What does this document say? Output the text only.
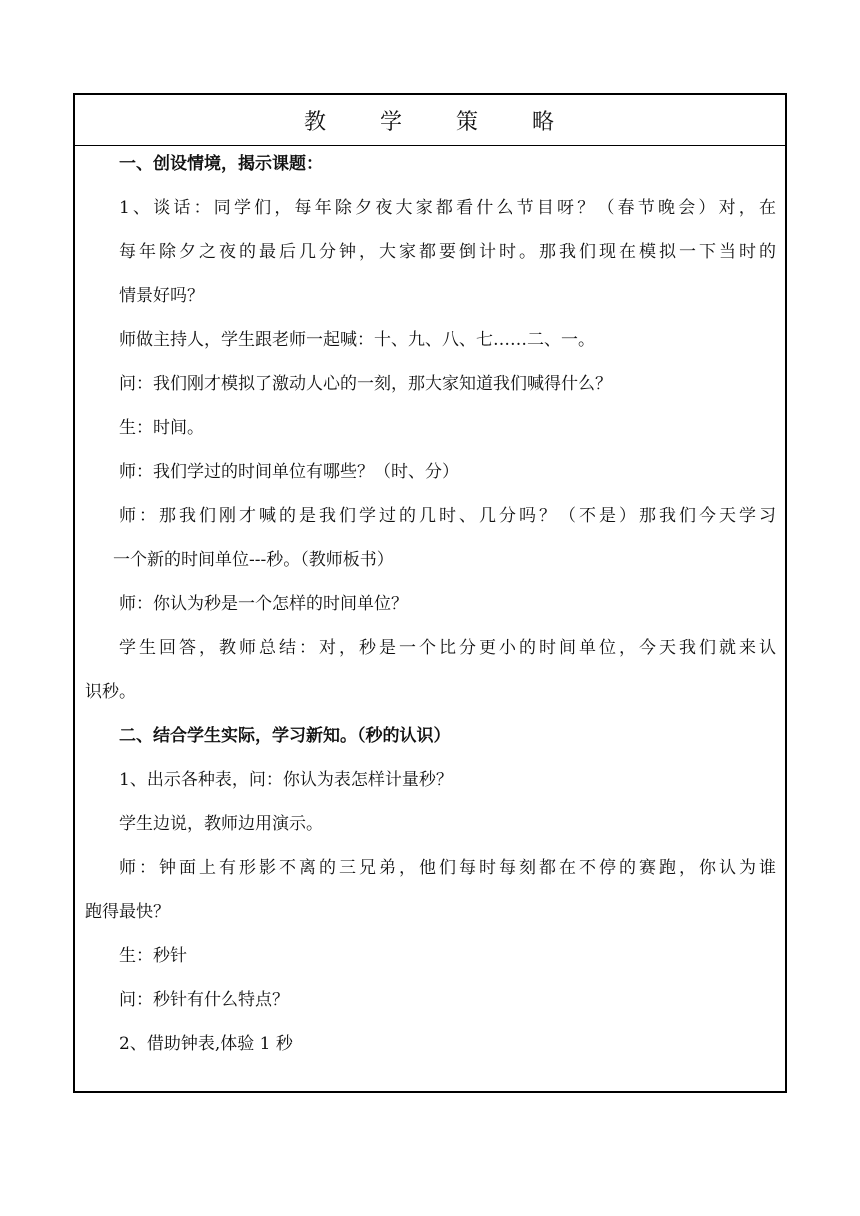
教 学 策 略
一、创设情境，揭示课题：
1、谈话：同学们，每年除夕夜大家都看什么节目呀？（春节晚会）对，在
每年除夕之夜的最后几分钟，大家都要倒计时。那我们现在模拟一下当时的
情景好吗？
师做主持人，学生跟老师一起喊：十、九、八、七……二、一。
问：我们刚才模拟了激动人心的一刻，那大家知道我们喊得什么？
生：时间。
师：我们学过的时间单位有哪些？（时、分）
师：那我们刚才喊的是我们学过的几时、几分吗？（不是）那我们今天学习
一个新的时间单位---秒。（教师板书）
师：你认为秒是一个怎样的时间单位？
学生回答，教师总结：对，秒是一个比分更小的时间单位，今天我们就来认
识秒。
二、结合学生实际，学习新知。（秒的认识）
1、出示各种表，问：你认为表怎样计量秒？
学生边说，教师边用演示。
师：钟面上有形影不离的三兄弟，他们每时每刻都在不停的赛跑，你认为谁
跑得最快？
生：秒针
问：秒针有什么特点？
2、借助钟表,体验 1 秒
